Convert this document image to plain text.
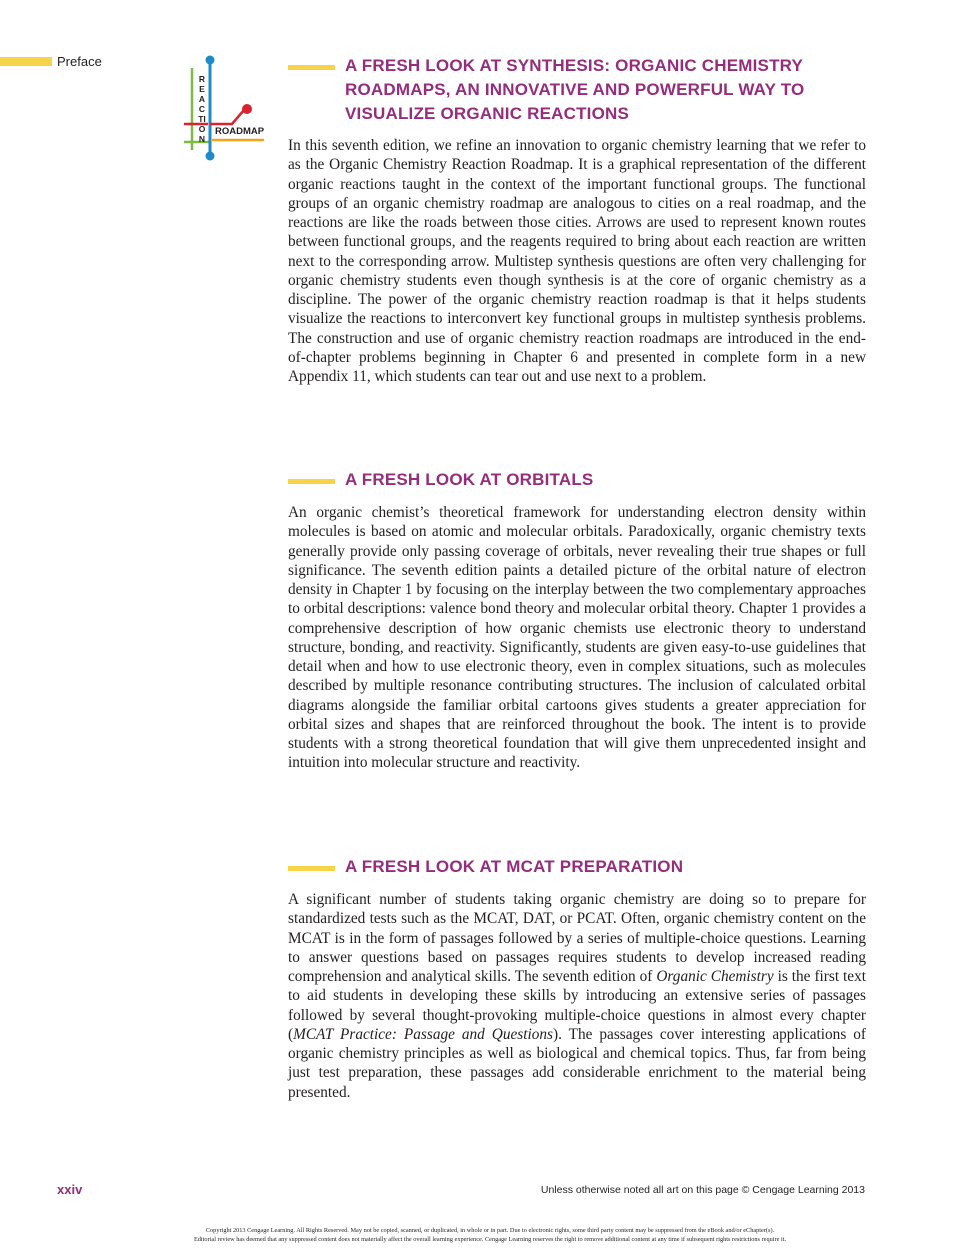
Preface
REACTION
ROADMAP
A FRESH LOOK AT SYNTHESIS: ORGANIC CHEMISTRY ROADMAPS, AN INNOVATIVE AND POWERFUL WAY TO VISUALIZE ORGANIC REACTIONS

In this seventh edition, we refine an innovation to organic chemistry learning that we refer to as the Organic Chemistry Reaction Roadmap. It is a graphical representation of the different organic reactions taught in the context of the important functional groups. The functional groups of an organic chemistry roadmap are analogous to cities on a real roadmap, and the reactions are like the roads between those cities. Arrows are used to represent known routes between functional groups, and the reagents required to bring about each reaction are written next to the corresponding arrow. Multistep synthesis questions are often very challenging for organic chemistry students even though synthesis is at the core of organic chemistry as a discipline. The power of the organic chemistry reaction roadmap is that it helps students visualize the reactions to interconvert key functional groups in multistep synthesis problems. The construction and use of organic chemistry reaction roadmaps are introduced in the end-of-chapter problems beginning in Chapter 6 and presented in complete form in a new Appendix 11, which students can tear out and use next to a problem.

A FRESH LOOK AT ORBITALS

An organic chemist’s theoretical framework for understanding electron density within molecules is based on atomic and molecular orbitals. Paradoxically, organic chemistry texts generally provide only passing coverage of orbitals, never revealing their true shapes or full significance. The seventh edition paints a detailed picture of the orbital nature of electron density in Chapter 1 by focusing on the interplay between the two complementary approaches to orbital descriptions: valence bond theory and molecular orbital theory. Chapter 1 provides a comprehensive description of how organic chemists use electronic theory to understand structure, bonding, and reactivity. Significantly, students are given easy-to-use guidelines that detail when and how to use electronic theory, even in complex situations, such as molecules described by multiple resonance contributing structures. The inclusion of calculated orbital diagrams alongside the familiar orbital cartoons gives students a greater appreciation for orbital sizes and shapes that are reinforced throughout the book. The intent is to provide students with a strong theoretical foundation that will give them unprecedented insight and intuition into molecular structure and reactivity.

A FRESH LOOK AT MCAT PREPARATION

A significant number of students taking organic chemistry are doing so to prepare for standardized tests such as the MCAT, DAT, or PCAT. Often, organic chemistry content on the MCAT is in the form of passages followed by a series of multiple-choice questions. Learning to answer questions based on passages requires students to develop increased reading comprehension and analytical skills. The seventh edition of Organic Chemistry is the first text to aid students in developing these skills by introducing an extensive series of passages followed by several thought-provoking multiple-choice questions in almost every chapter (MCAT Practice: Passage and Questions). The passages cover interesting applications of organic chemistry principles as well as biological and chemical topics. Thus, far from being just test preparation, these passages add considerable enrichment to the material being presented.

xxiv	Unless otherwise noted all art on this page © Cengage Learning 2013
Copyright 2013 Cengage Learning. All Rights Reserved. May not be copied, scanned, or duplicated, in whole or in part. Due to electronic rights, some third party content may be suppressed from the eBook and/or eChapter(s).
Editorial review has deemed that any suppressed content does not materially affect the overall learning experience. Cengage Learning reserves the right to remove additional content at any time if subsequent rights restrictions require it.
